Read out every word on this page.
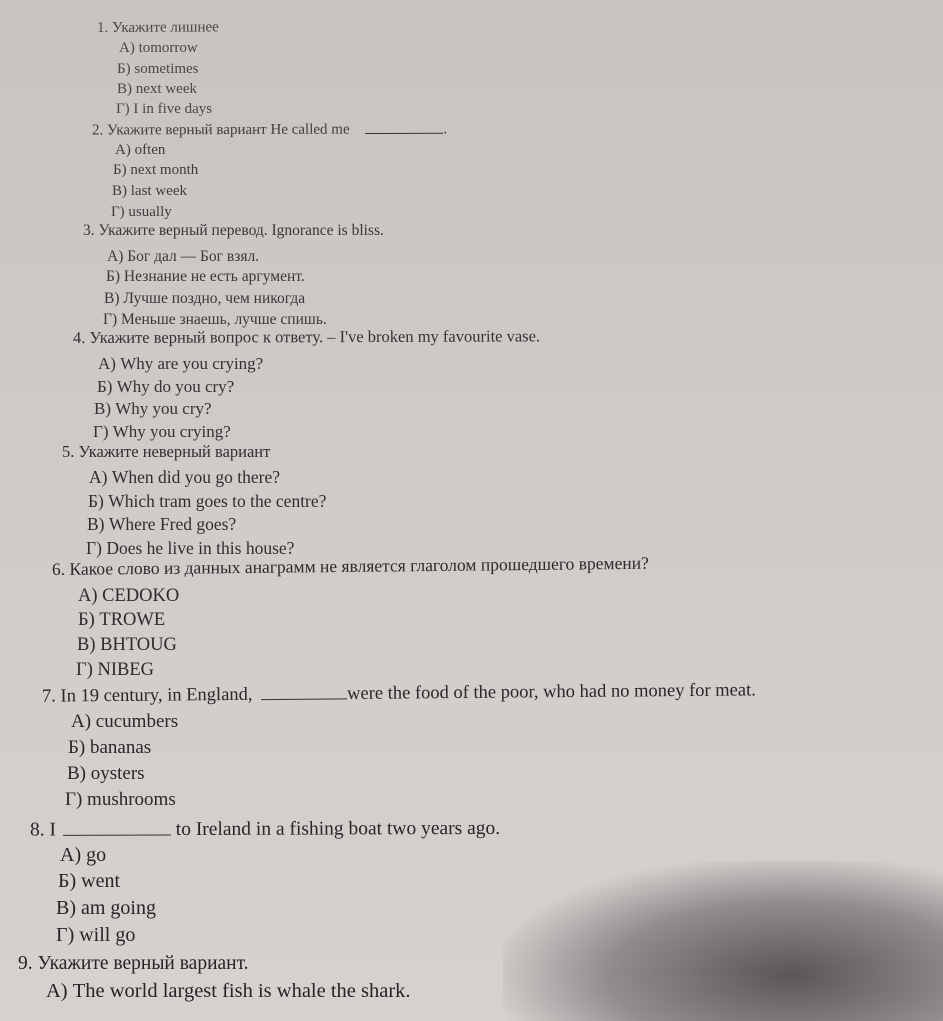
1. Укажите лишнее
А) tomorrow
Б) sometimes
В) next week
Г) I in five days
2. Укажите верный вариант He called me	.
А) often
Б) next month
В) last week
Г) usually
3. Укажите верный перевод. Ignorance is bliss.
А) Бог дал — Бог взял.
Б) Незнание не есть аргумент.
В) Лучше поздно, чем никогда
Г) Меньше знаешь, лучше спишь.
4. Укажите верный вопрос к ответу. – I've broken my favourite vase.
А) Why are you crying?
Б) Why do you cry?
В) Why you cry?
Г) Why you crying?
5. Укажите неверный вариант
А) When did you go there?
Б) Which tram goes to the centre?
В) Where Fred goes?
Г) Does he live in this house?
6. Какое слово из данных анаграмм не является глаголом прошедшего времени?
А) CEDOKO
Б) TROWE
В) BHTOUG
Г) NIBEG
7. In 19 century, in England,	were the food of the poor, who had no money for meat.
А) cucumbers
Б) bananas
В) oysters
Г) mushrooms
8. I	to Ireland in a fishing boat two years ago.
А) go
Б) went
В) am going
Г) will go
9. Укажите верный вариант.
А) The world largest fish is whale the shark.
